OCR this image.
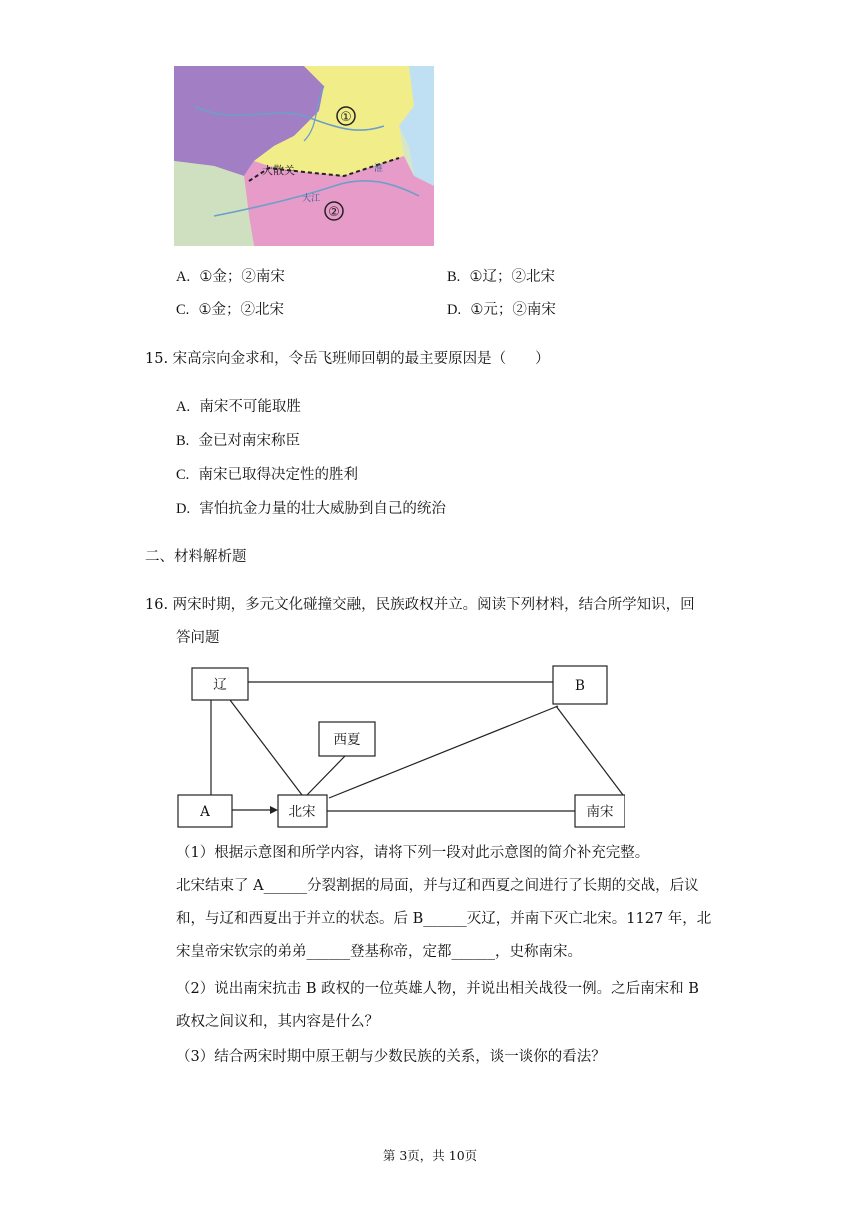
①
②
大散关	淮
大江
A. ①金；②南宋	B. ①辽；②北宋
C. ①金；②北宋	D. ①元；②南宋
15. 宋高宗向金求和，令岳飞班师回朝的最主要原因是（　　）
A. 南宋不可能取胜
B. 金已对南宋称臣
C. 南宋已取得决定性的胜利
D. 害怕抗金力量的壮大威胁到自己的统治
二、材料解析题
16. 两宋时期，多元文化碰撞交融，民族政权并立。阅读下列材料，结合所学知识，回
答问题
辽	B
西夏
A	北宋	南宋
（1）根据示意图和所学内容，请将下列一段对此示意图的简介补充完整。
北宋结束了 A______分裂割据的局面，并与辽和西夏之间进行了长期的交战，后议
和，与辽和西夏出于并立的状态。后 B______灭辽，并南下灭亡北宋。1127 年，北
宋皇帝宋钦宗的弟弟______登基称帝，定都______，史称南宋。
（2）说出南宋抗击 B 政权的一位英雄人物，并说出相关战役一例。之后南宋和 B
政权之间议和，其内容是什么？
（3）结合两宋时期中原王朝与少数民族的关系，谈一谈你的看法？
第 3页，共 10页
